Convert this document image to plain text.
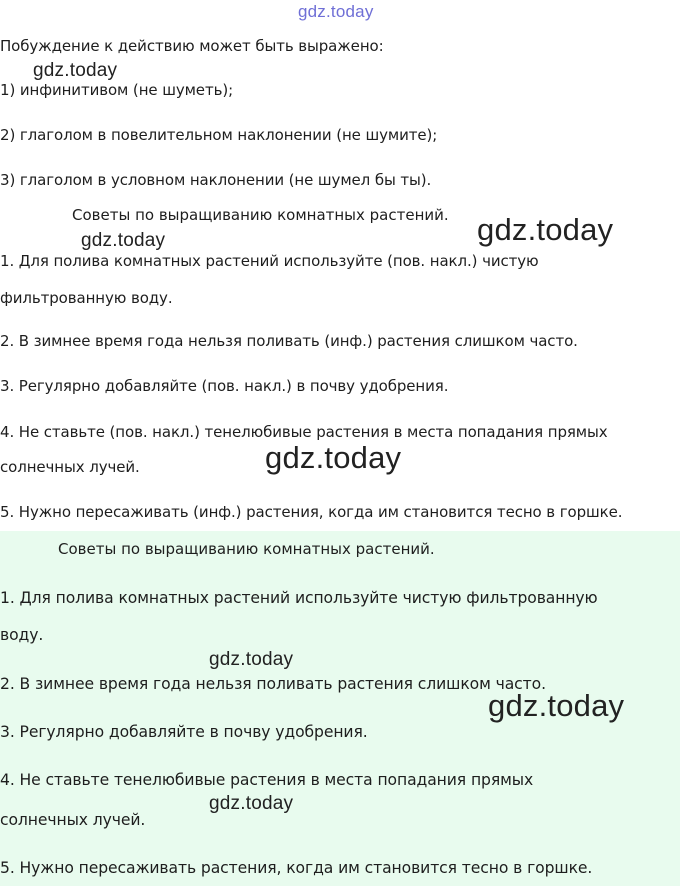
gdz.today
Побуждение к действию может быть выражено:
gdz.today
1) инфинитивом (не шуметь);
2) глаголом в повелительном наклонении (не шумите);
3) глаголом в условном наклонении (не шумел бы ты).
Советы по выращиванию комнатных растений. gdz.today
gdz.today
1. Для полива комнатных растений используйте (пов. накл.) чистую
фильтрованную воду.
2. В зимнее время года нельзя поливать (инф.) растения слишком часто.
3. Регулярно добавляйте (пов. накл.) в почву удобрения.
4. Не ставьте (пов. накл.) тенелюбивые растения в места попадания прямых
солнечных лучей.	gdz.today
5. Нужно пересаживать (инф.) растения, когда им становится тесно в горшке.
Советы по выращиванию комнатных растений.
1. Для полива комнатных растений используйте чистую фильтрованную
воду.
gdz.today
2. В зимнее время года нельзя поливать растения слишком часто.
gdz.today
3. Регулярно добавляйте в почву удобрения.
4. Не ставьте тенелюбивые растения в места попадания прямых
gdz.today
солнечных лучей.
5. Нужно пересаживать растения, когда им становится тесно в горшке.
